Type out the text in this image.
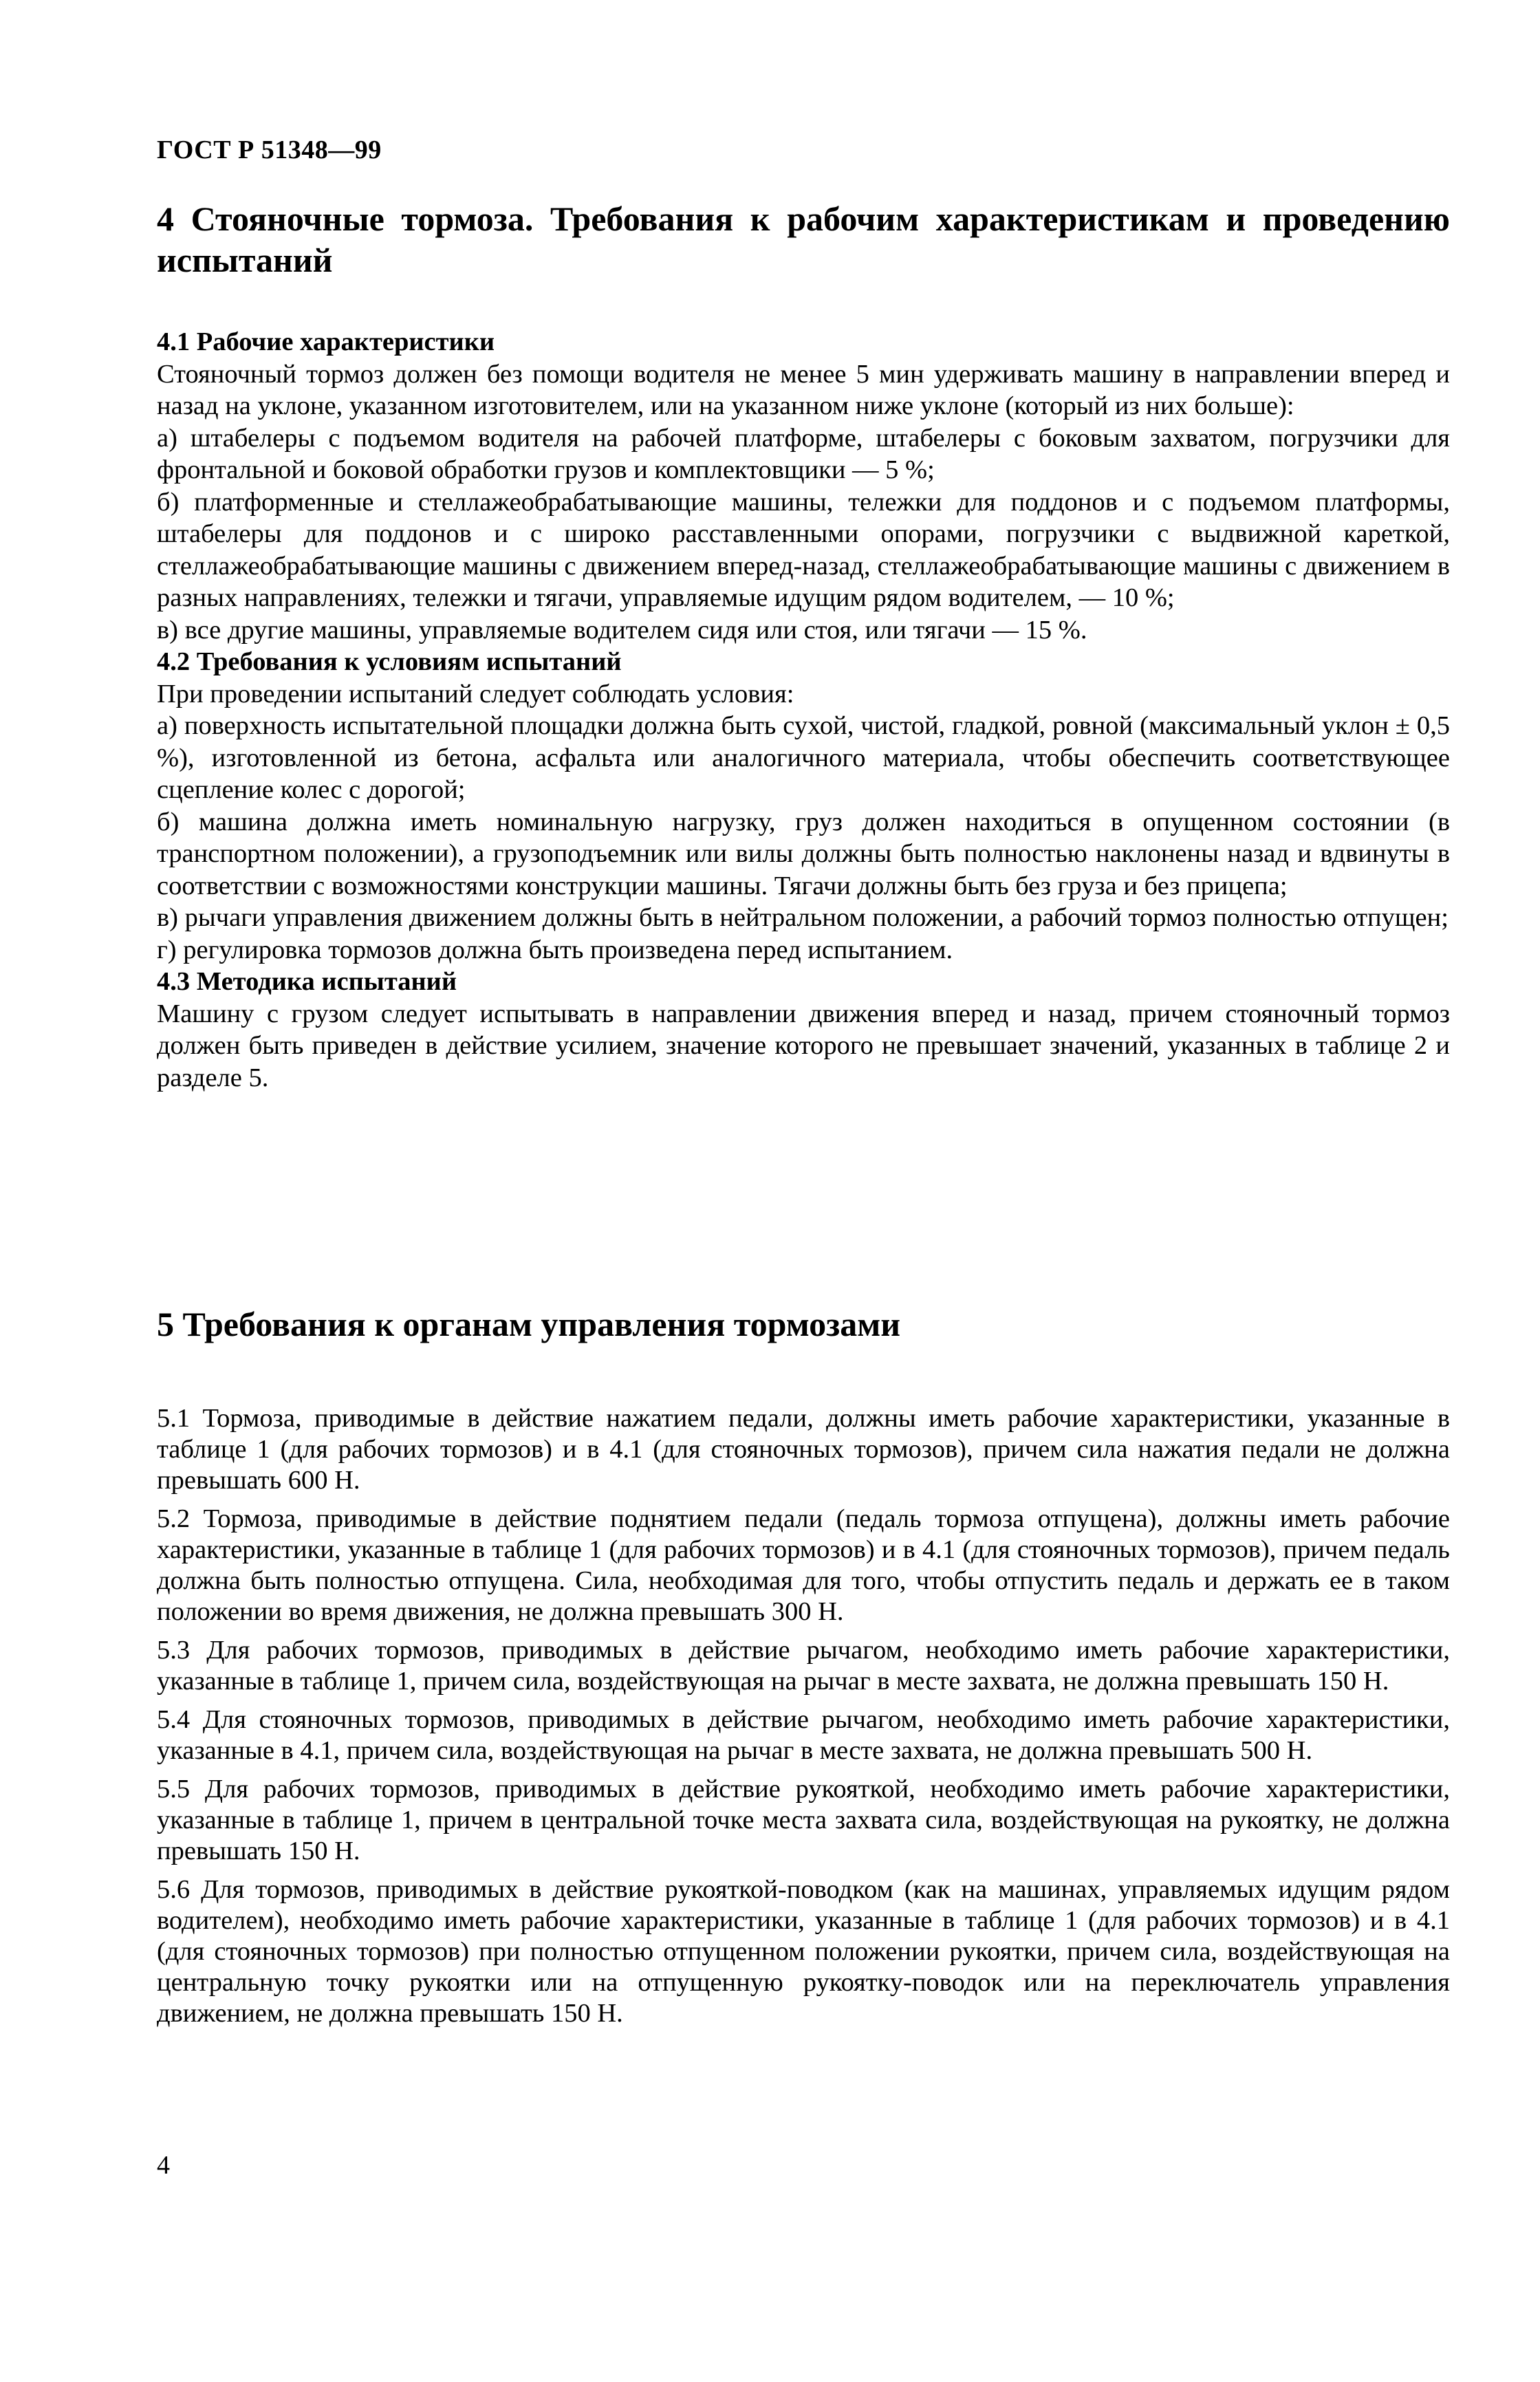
ГОСТ Р 51348—99
4 Стояночные тормоза. Требования к рабочим характеристикам и проведению испытаний

4.1 Рабочие характеристики

Стояночный тормоз должен без помощи водителя не менее 5 мин удерживать машину в направлении вперед и назад на уклоне, указанном изготовителем, или на указанном ниже уклоне (который из них больше):

а) штабелеры с подъемом водителя на рабочей платформе, штабелеры с боковым захватом, погрузчики для фронтальной и боковой обработки грузов и комплектовщики — 5 %;

б) платформенные и стеллажеобрабатывающие машины, тележки для поддонов и с подъемом платформы, штабелеры для поддонов и с широко расставленными опорами, погрузчики с выдвижной кареткой, стеллажеобрабатывающие машины с движением вперед-назад, стеллажеобрабатывающие машины с движением в разных направлениях, тележки и тягачи, управляемые идущим рядом водителем, — 10 %;

в) все другие машины, управляемые водителем сидя или стоя, или тягачи — 15 %.

4.2 Требования к условиям испытаний

При проведении испытаний следует соблюдать условия:

а) поверхность испытательной площадки должна быть сухой, чистой, гладкой, ровной (максимальный уклон ± 0,5 %), изготовленной из бетона, асфальта или аналогичного материала, чтобы обеспечить соответствующее сцепление колес с дорогой;

б) машина должна иметь номинальную нагрузку, груз должен находиться в опущенном состоянии (в транспортном положении), а грузоподъемник или вилы должны быть полностью наклонены назад и вдвинуты в соответствии с возможностями конструкции машины. Тягачи должны быть без груза и без прицепа;

в) рычаги управления движением должны быть в нейтральном положении, а рабочий тормоз полностью отпущен;

г) регулировка тормозов должна быть произведена перед испытанием.

4.3 Методика испытаний

Машину с грузом следует испытывать в направлении движения вперед и назад, причем стояночный тормоз должен быть приведен в действие усилием, значение которого не превышает значений, указанных в таблице 2 и разделе 5.

5 Требования к органам управления тормозами

5.1 Тормоза, приводимые в действие нажатием педали, должны иметь рабочие характеристики, указанные в таблице 1 (для рабочих тормозов) и в 4.1 (для стояночных тормозов), причем сила нажатия педали не должна превышать 600 Н.

5.2 Тормоза, приводимые в действие поднятием педали (педаль тормоза отпущена), должны иметь рабочие характеристики, указанные в таблице 1 (для рабочих тормозов) и в 4.1 (для стояночных тормозов), причем педаль должна быть полностью отпущена. Сила, необходимая для того, чтобы отпустить педаль и держать ее в таком положении во время движения, не должна превышать 300 Н.

5.3 Для рабочих тормозов, приводимых в действие рычагом, необходимо иметь рабочие характеристики, указанные в таблице 1, причем сила, воздействующая на рычаг в месте захвата, не должна превышать 150 Н.

5.4 Для стояночных тормозов, приводимых в действие рычагом, необходимо иметь рабочие характеристики, указанные в 4.1, причем сила, воздействующая на рычаг в месте захвата, не должна превышать 500 Н.

5.5 Для рабочих тормозов, приводимых в действие рукояткой, необходимо иметь рабочие характеристики, указанные в таблице 1, причем в центральной точке места захвата сила, воздействующая на рукоятку, не должна превышать 150 Н.

5.6 Для тормозов, приводимых в действие рукояткой-поводком (как на машинах, управляемых идущим рядом водителем), необходимо иметь рабочие характеристики, указанные в таблице 1 (для рабочих тормозов) и в 4.1 (для стояночных тормозов) при полностью отпущенном положении рукоятки, причем сила, воздействующая на центральную точку рукоятки или на отпущенную рукоятку-поводок или на переключатель управления движением, не должна превышать 150 Н.

4
